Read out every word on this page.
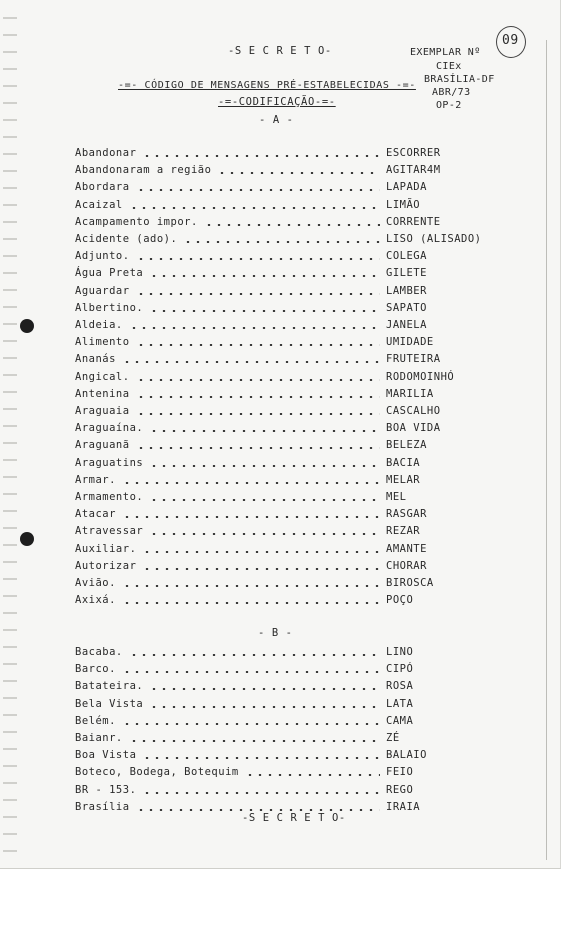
-S E C R E T O-	EXEMPLAR Nº
09
CIEx
BRASÍLIA-DF
ABR/73
OP-2
-=- CÓDIGO DE MENSAGENS PRÉ-ESTABELECIDAS -=-
-=-CODIFICAÇÃO-=-
- A -
Abandonar	ESCORRER
Abandonaram a região	AGITAR4M
Abordara	LAPADA
Acaizal	LIMÃO
Acampamento impor.	CORRENTE
Acidente (ado).	LISO (ALISADO)
Adjunto.	COLEGA
Água Preta	GILETE
Aguardar	LAMBER
Albertino.	SAPATO
Aldeia.	JANELA
Alimento	UMIDADE
Ananás	FRUTEIRA
Angical.	RODOMOINHÓ
Antenina	MARILIA
Araguaia	CASCALHO
Araguaína.	BOA VIDA
Araguanã	BELEZA
Araguatins	BACIA
Armar.	MELAR
Armamento.	MEL
Atacar	RASGAR
Atravessar	REZAR
Auxiliar.	AMANTE
Autorizar	CHORAR
Avião.	BIROSCA
Axixá.	POÇO
- B -
Bacaba.	LINO
Barco.	CIPÓ
Batateira.	ROSA
Bela Vista	LATA
Belém.	CAMA
Baianr.	ZÉ
Boa Vista	BALAIO
Boteco, Bodega, Botequim	FEIO
BR - 153.	REGO
Brasília	IRAIA
-S E C R E T O-
